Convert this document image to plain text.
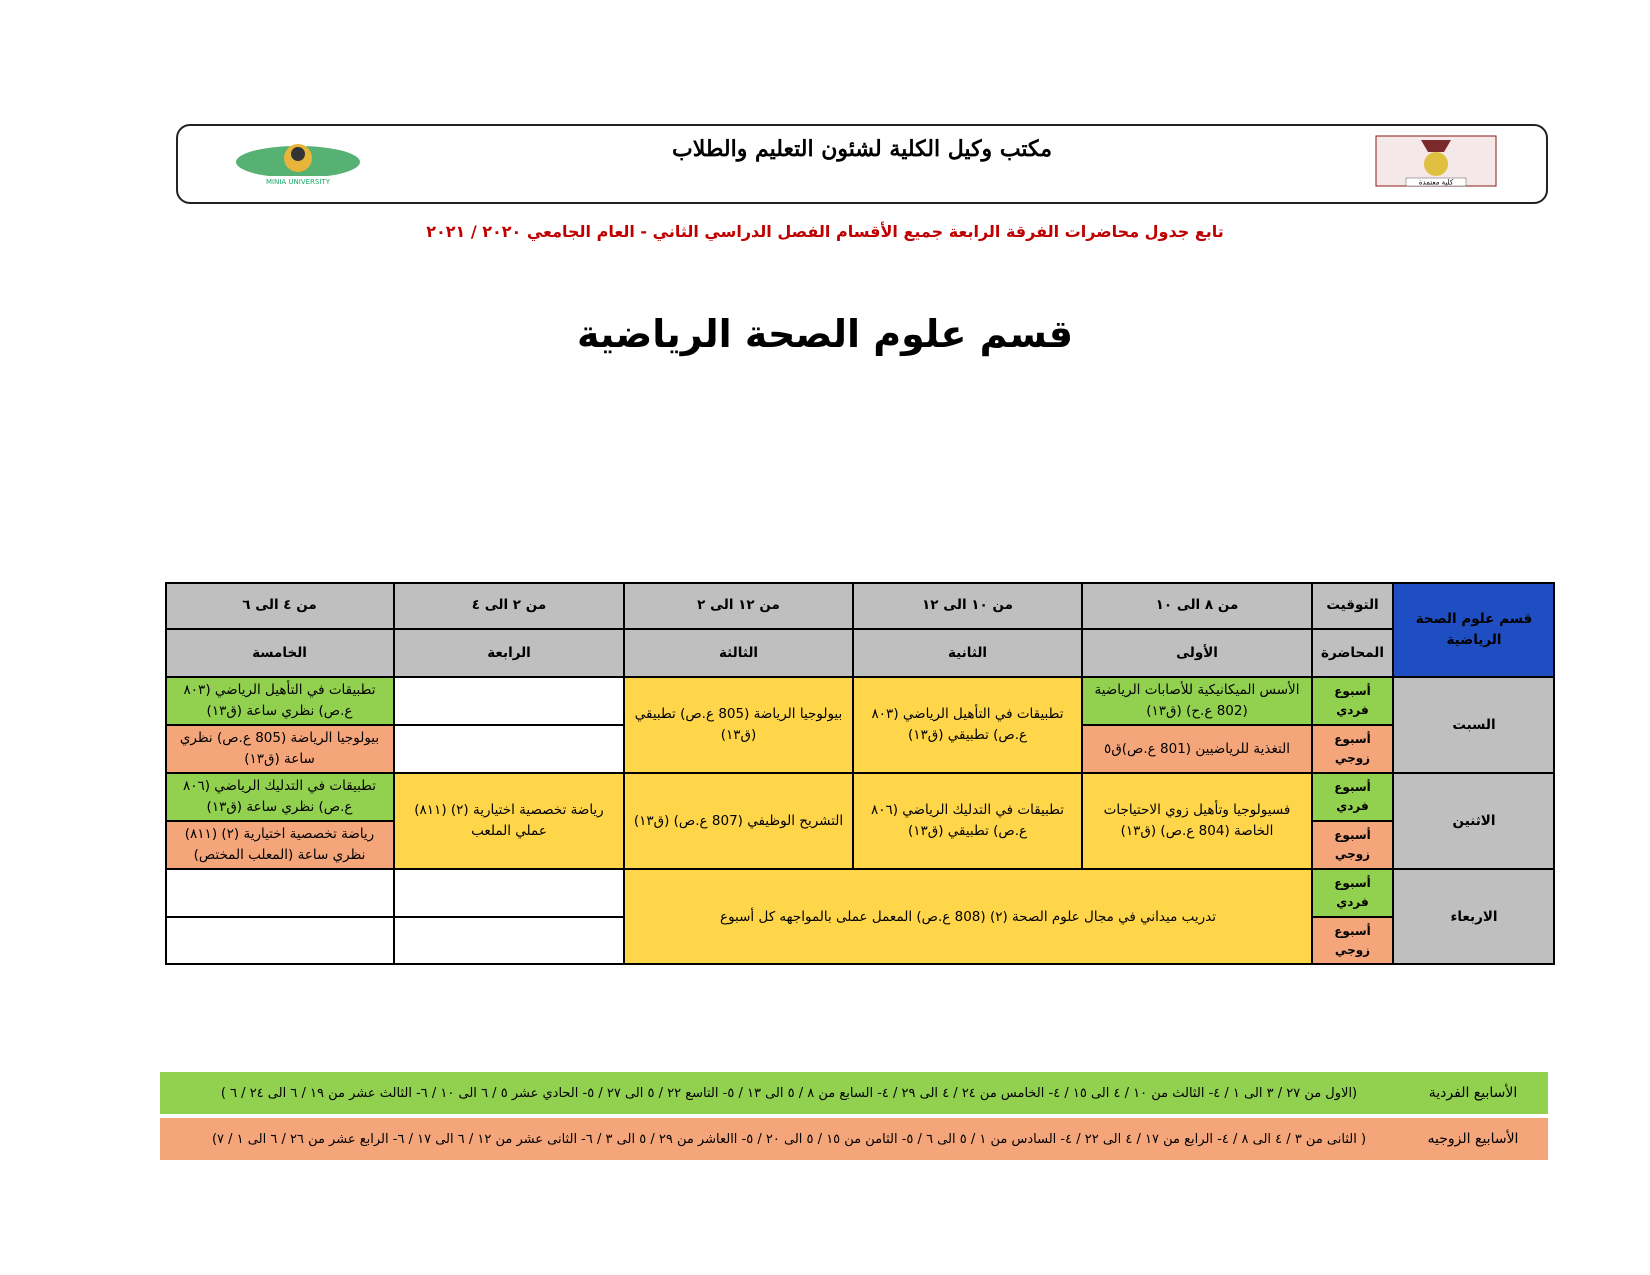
MINIA UNIVERSITY
مكتب وكيل الكلية لشئون التعليم والطلاب
كلية معتمدة
تابع جدول محاضرات الفرقة الرابعة جميع الأقسام الفصل الدراسي الثاني - العام الجامعي ٢٠٢٠ / ٢٠٢١
قسم علوم الصحة الرياضية
قسم علوم الصحة الرياضية
التوقيت
المحاضرة
من ٨ الى ١٠
من ١٠ الى ١٢
من ١٢ الى ٢
من ٢ الى ٤
من ٤ الى ٦
الأولى
الثانية
الثالثة
الرابعة
الخامسة
السبت
الاثنين
الاربعاء
أسبوع فردي
أسبوع زوجي
أسبوع فردي
أسبوع زوجي
أسبوع فردي
أسبوع زوجي
الأسس الميكانيكية للأصابات الرياضية (802 ع.ح) (ق١٣)
التغذية للرياضيين (801 ع.ص)ق٥
تطبيقات في التأهيل الرياضي (٨٠٣ ع.ص) تطبيقي (ق١٣)
بيولوجيا الرياضة (805 ع.ص) تطبيقي (ق١٣)
تطبيقات في التأهيل الرياضي (٨٠٣ ع.ص) نظري ساعة (ق١٣)
بيولوجيا الرياضة (805 ع.ص) نظري ساعة (ق١٣)
فسيولوجيا وتأهيل زوي الاحتياجات الخاصة (804 ع.ص) (ق١٣)
تطبيقات في التدليك الرياضي (٨٠٦ ع.ص) تطبيقي (ق١٣)
التشريح الوظيفي (807 ع.ص) (ق١٣)
رياضة تخصصية اختيارية (٢) (٨١١) عملي الملعب
تطبيقات في التدليك الرياضي (٨٠٦ ع.ص) نظري ساعة (ق١٣)
رياضة تخصصية اختيارية (٢) (٨١١) نظري ساعة (المعلب المختص)
تدريب ميداني في مجال علوم الصحة (٢) (808 ع.ص) المعمل عملى بالمواجهه كل أسبوع
الأسابيع الفردية
(الاول من ٢٧ / ٣ الى ١ / ٤- الثالث من ١٠ / ٤ الى ١٥ / ٤- الخامس من ٢٤ / ٤ الى ٢٩ / ٤- السابع من ٨ / ٥ الى ١٣ / ٥- التاسع ٢٢ / ٥ الى ٢٧ / ٥- الحادي عشر ٥ / ٦ الى ١٠ / ٦- الثالث عشر من ١٩ / ٦ الى ٢٤ / ٦ )
الأسابيع الزوجيه
( الثانى من ٣ / ٤ الى ٨ / ٤- الرابع من ١٧ / ٤ الى ٢٢ / ٤- السادس من ١ / ٥ الى ٦ / ٥- الثامن من ١٥ / ٥ الى ٢٠ / ٥- االعاشر من ٢٩ / ٥ الى ٣ / ٦- الثانى عشر من ١٢ / ٦ الى ١٧ / ٦- الرابع عشر من ٢٦ / ٦ الى ١ / ٧)
